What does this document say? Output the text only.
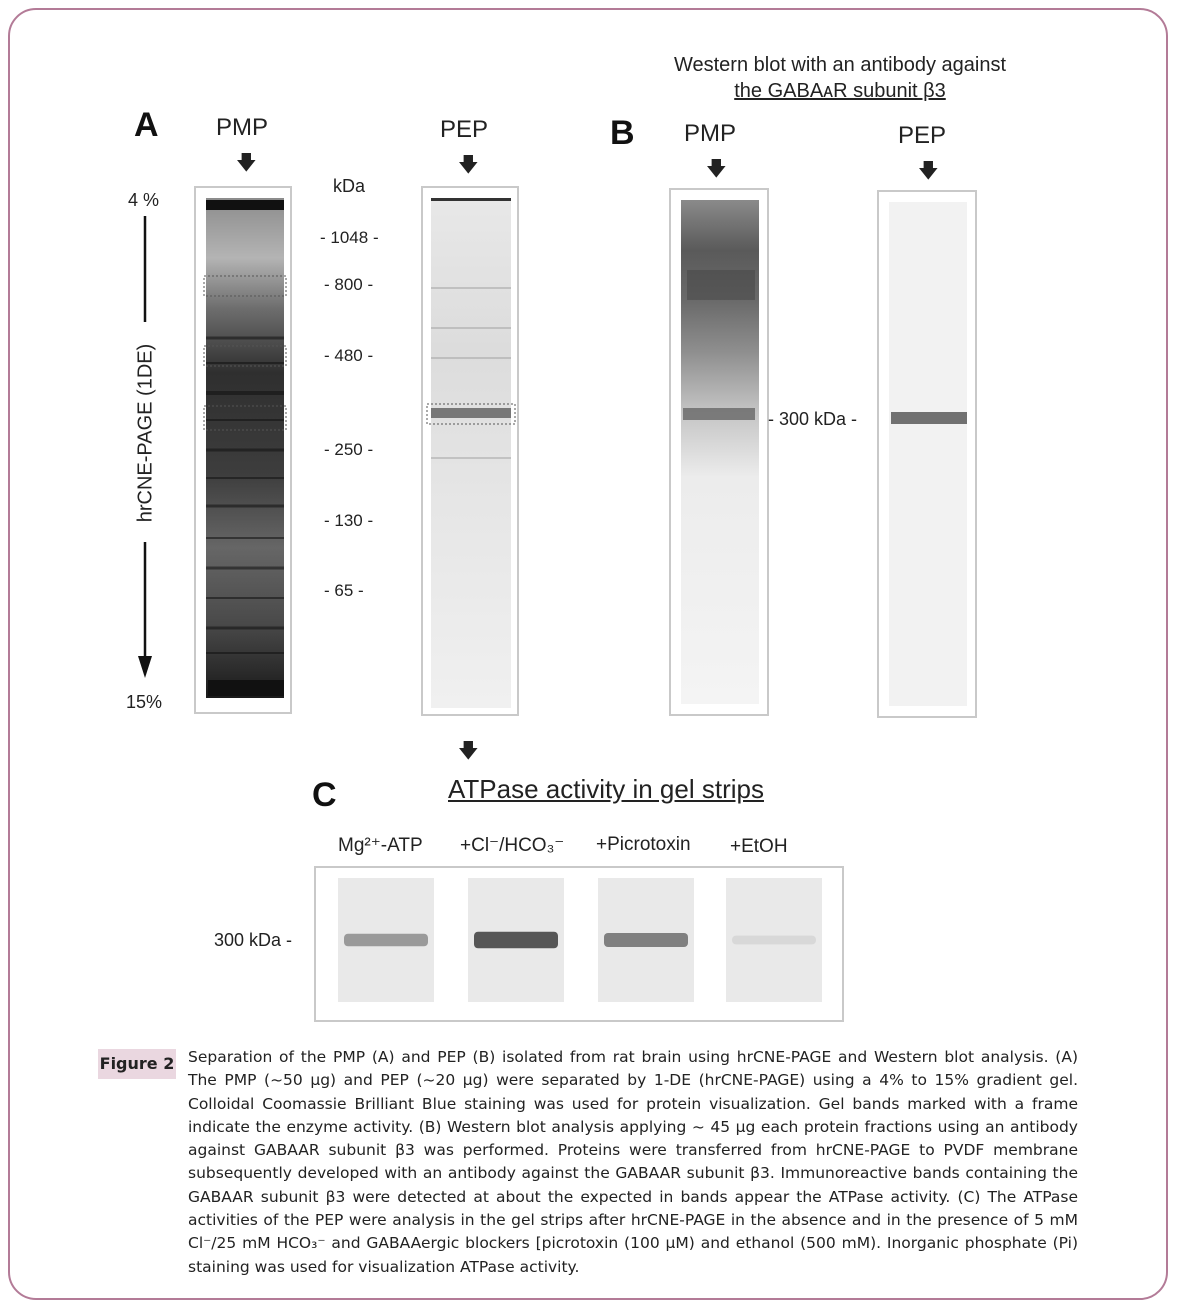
A PMP
🡇
PEP
🡇
4 %
15%
hrCNE-PAGE (1DE)
kDa
- 1048 -
- 800 -
- 480 -
- 250 -
- 130 -
- 65 -
🡇
Western blot with an antibody against
the GABAᴀR subunit β3
B PMP
🡇
PEP
🡇
- 300 kDa -
C	ATPase activity in gel strips
Mg²⁺-ATP +Cl⁻/HCO₃⁻ +Picrotoxin +EtOH
300 kDa -
Figure 2 Separation of the PMP (A) and PEP (B) isolated from rat brain using hrCNE-PAGE and Western blot analysis. (A) The PMP (~50 µg) and PEP (~20 µg) were separated by 1-DE (hrCNE-PAGE) using a 4% to 15% gradient gel. Colloidal Coomassie Brilliant Blue staining was used for protein visualization. Gel bands marked with a frame indicate the enzyme activity. (B) Western blot analysis applying ~ 45 µg each protein fractions using an antibody against GABAAR subunit β3 was performed. Proteins were transferred from hrCNE-PAGE to PVDF membrane subsequently developed with an antibody against the GABAAR subunit β3. Immunoreactive bands containing the GABAAR subunit β3 were detected at about the expected in bands appear the ATPase activity. (C) The ATPase activities of the PEP were analysis in the gel strips after hrCNE-PAGE in the absence and in the presence of 5 mM Cl⁻/25 mM HCO₃⁻ and GABAAergic blockers [picrotoxin (100 µM) and ethanol (500 mM). Inorganic phosphate (Pi) staining was used for visualization ATPase activity.
